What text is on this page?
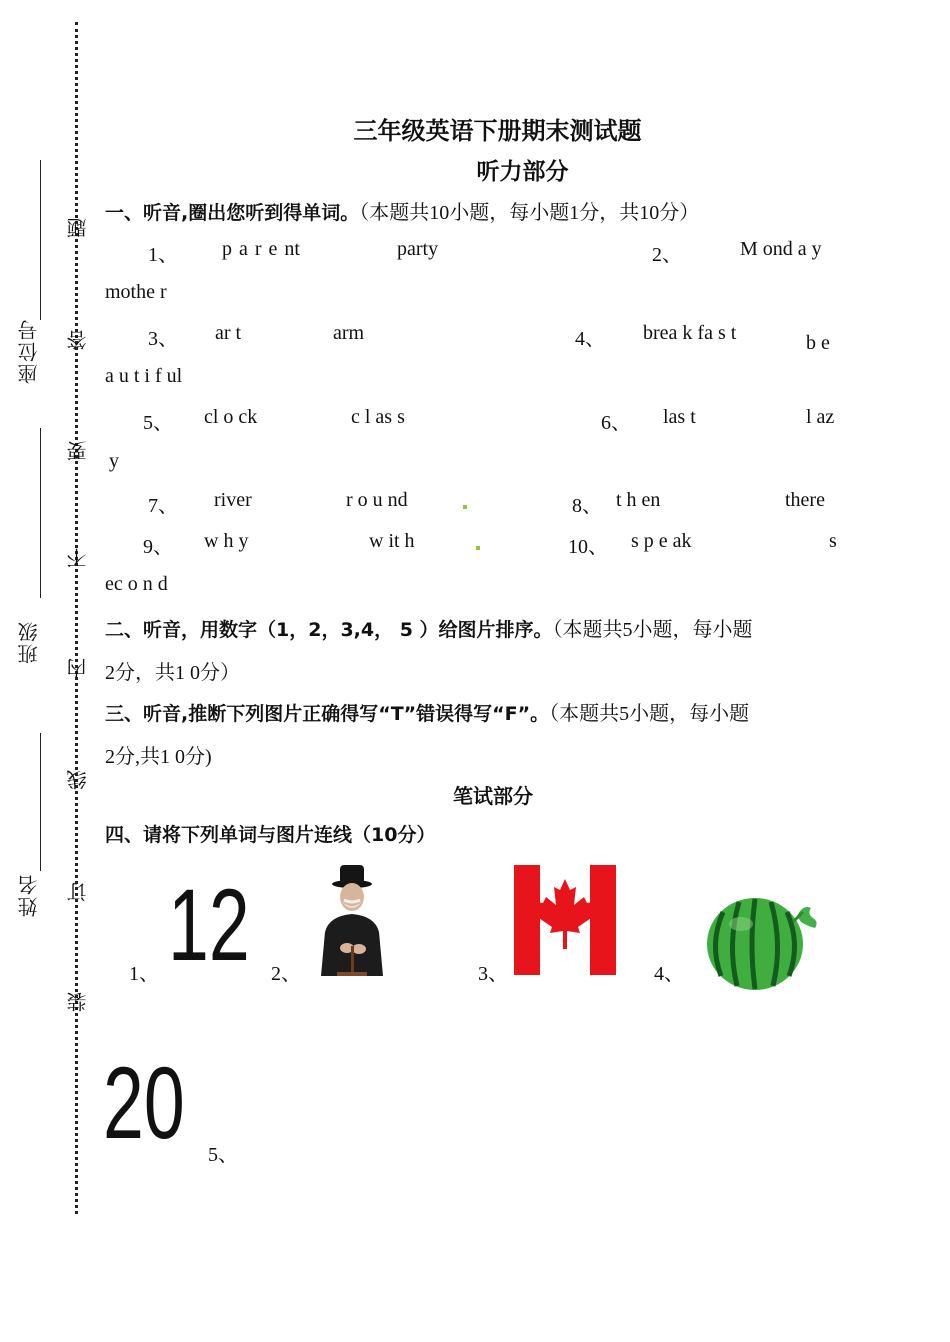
座位号
班级
姓名
题
答
要
不
内
线
订
装
三年级英语下册期末测试题
听力部分
一、听音,圈出您听到得单词。（本题共10小题，每小题1分，共10分）
1、 p a r e nt	party	2、	M ond a y
mothe r
3、 ar t	arm	4、 brea k fa s t	b e
a u t i f ul
5、 cl o ck	c l as s	6、 las t	l az
y
7、 river	r o u nd	8、 t h en	there
9、 w h y	w it h	10、 s p e ak	s
ec o n d
二、听音，用数字（1，2，3,4， 5 ）给图片排序。（本题共5小题，每小题
2分，共1 0分）
三、听音,推断下列图片正确得写“T”错误得写“F”。（本题共5小题，每小题
2分,共1 0分)
笔试部分
四、请将下列单词与图片连线（10分）
1、 12 2、	3、	4、
20 5、
